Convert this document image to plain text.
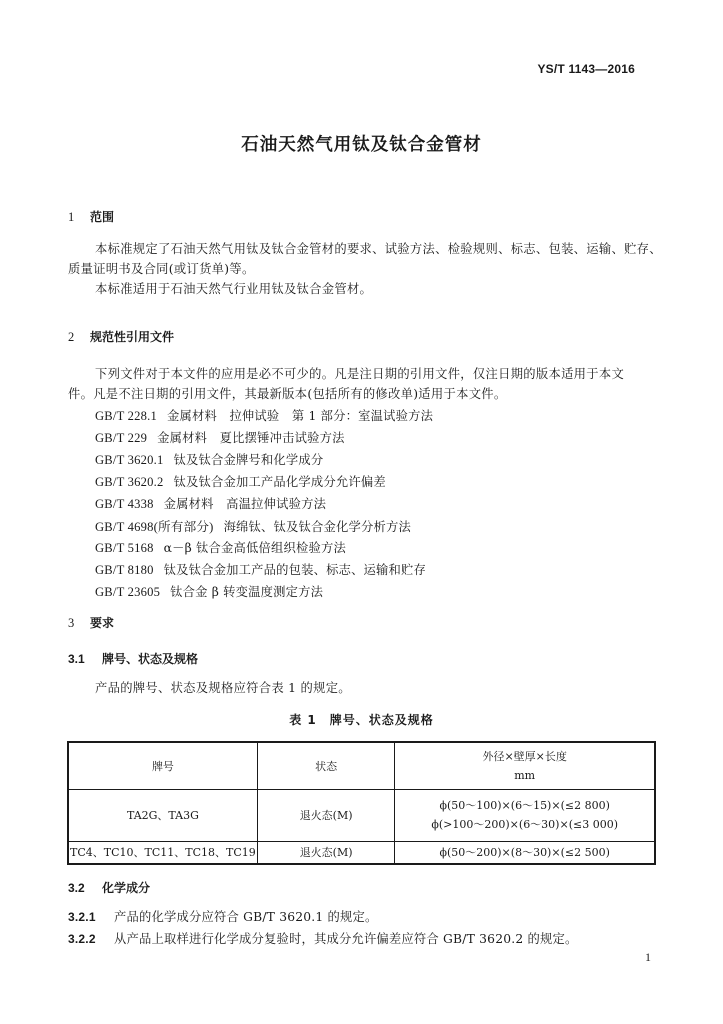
YS/T 1143—2016
石油天然气用钛及钛合金管材
1 范围
本标准规定了石油天然气用钛及钛合金管材的要求、试验方法、检验规则、标志、包装、运输、贮存、
质量证明书及合同(或订货单)等。
本标准适用于石油天然气行业用钛及钛合金管材。
2 规范性引用文件
下列文件对于本文件的应用是必不可少的。凡是注日期的引用文件，仅注日期的版本适用于本文
件。凡是不注日期的引用文件，其最新版本(包括所有的修改单)适用于本文件。
GB/T 228.1 金属材料　拉伸试验　第 1 部分：室温试验方法
GB/T 229 金属材料　夏比摆锤冲击试验方法
GB/T 3620.1 钛及钛合金牌号和化学成分
GB/T 3620.2 钛及钛合金加工产品化学成分允许偏差
GB/T 4338 金属材料　高温拉伸试验方法
GB/T 4698(所有部分) 海绵钛、钛及钛合金化学分析方法
GB/T 5168 α－β 钛合金高低倍组织检验方法
GB/T 8180 钛及钛合金加工产品的包装、标志、运输和贮存
GB/T 23605 钛合金 β 转变温度测定方法
3 要求
3.1 牌号、状态及规格
产品的牌号、状态及规格应符合表 1 的规定。
表 1　牌号、状态及规格
牌号	状态	外径×壁厚×长度
mm

TA2G、TA3G	退火态(M)	ϕ(50～100)×(6～15)×(≤2 800)
ϕ(>100～200)×(6～30)×(≤3 000)

TC4、TC10、TC11、TC18、TC19	退火态(M)	ϕ(50～200)×(8～30)×(≤2 500)
3.2 化学成分
3.2.1 产品的化学成分应符合 GB/T 3620.1 的规定。
3.2.2 从产品上取样进行化学成分复验时，其成分允许偏差应符合 GB/T 3620.2 的规定。
1
